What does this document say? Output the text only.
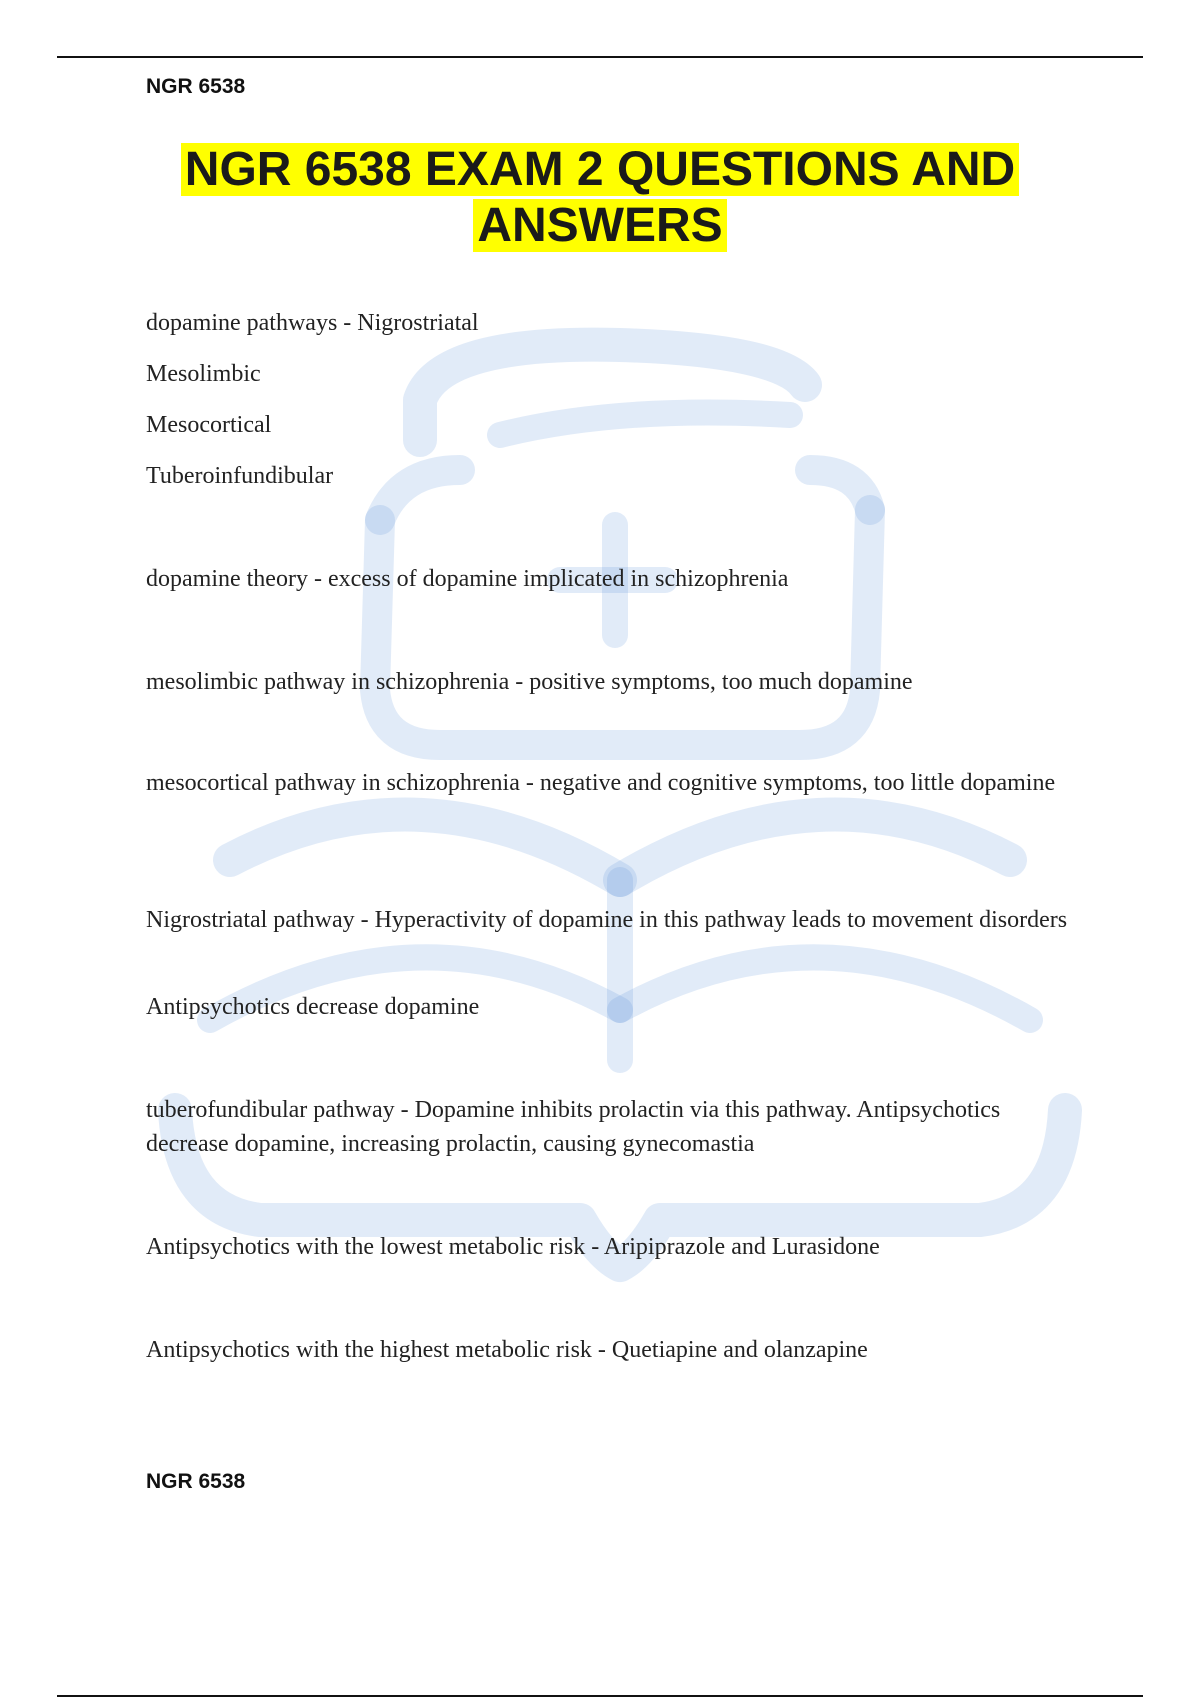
NGR 6538
NGR 6538 EXAM 2 QUESTIONS AND
ANSWERS
dopamine pathways - Nigrostriatal
Mesolimbic
Mesocortical
Tuberoinfundibular
dopamine theory - excess of dopamine implicated in schizophrenia
mesolimbic pathway in schizophrenia - positive symptoms, too much dopamine
mesocortical pathway in schizophrenia - negative and cognitive symptoms, too little dopamine
Nigrostriatal pathway - Hyperactivity of dopamine in this pathway leads to movement disorders
Antipsychotics decrease dopamine
tuberofundibular pathway - Dopamine inhibits prolactin via this pathway. Antipsychotics decrease dopamine, increasing prolactin, causing gynecomastia
Antipsychotics with the lowest metabolic risk - Aripiprazole and Lurasidone
Antipsychotics with the highest metabolic risk - Quetiapine and olanzapine
NGR 6538
